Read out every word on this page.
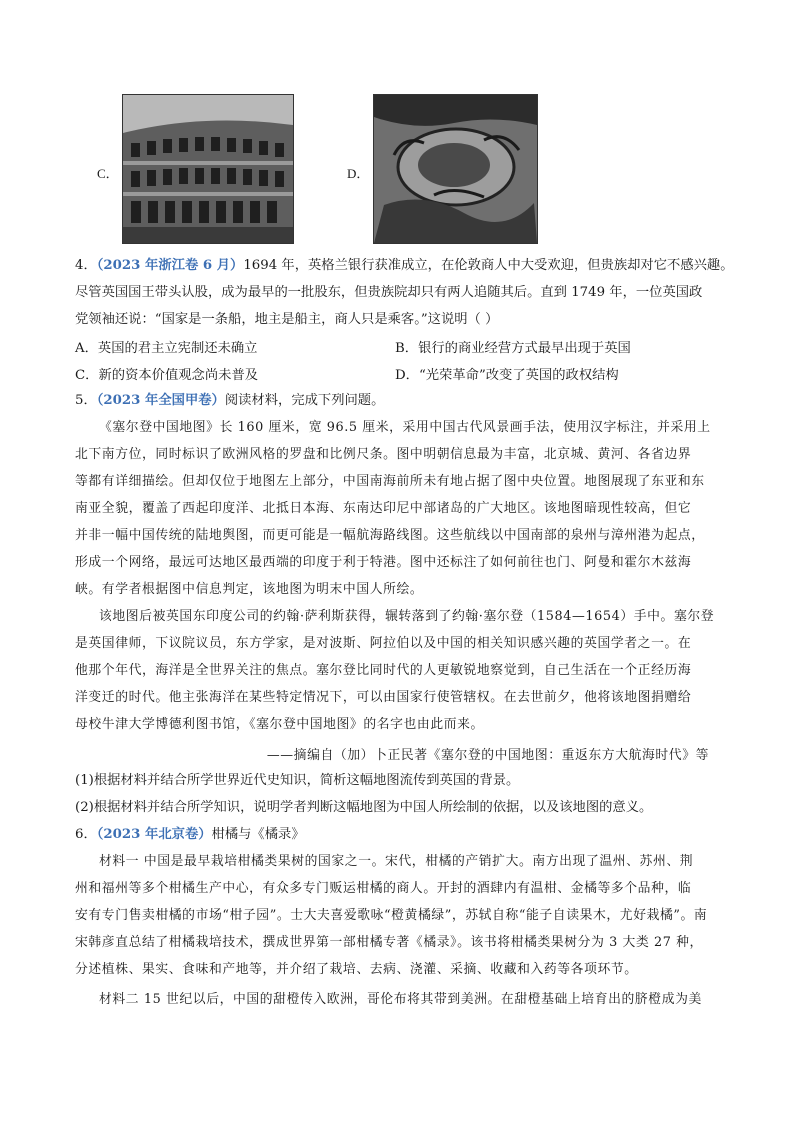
C．	D．
4．（2023 年浙江卷 6 月）1694 年，英格兰银行获准成立，在伦敦商人中大受欢迎，但贵族却对它不感兴趣。
尽管英国国王带头认股，成为最早的一批股东，但贵族院却只有两人追随其后。直到 1749 年，一位英国政
党领袖还说：“国家是一条船，地主是船主，商人只是乘客。”这说明（ ）
A．英国的君主立宪制还未确立	B．银行的商业经营方式最早出现于英国
C．新的资本价值观念尚未普及	D．“光荣革命”改变了英国的政权结构
5．（2023 年全国甲卷）阅读材料，完成下列问题。
《塞尔登中国地图》长 160 厘米，宽 96.5 厘米，采用中国古代风景画手法，使用汉字标注，并采用上
北下南方位，同时标识了欧洲风格的罗盘和比例尺条。图中明朝信息最为丰富，北京城、黄河、各省边界
等都有详细描绘。但却仅位于地图左上部分，中国南海前所未有地占据了图中央位置。地图展现了东亚和东
南亚全貌，覆盖了西起印度洋、北抵日本海、东南达印尼中部诸岛的广大地区。该地图暗现性较高，但它
并非一幅中国传统的陆地舆图，而更可能是一幅航海路线图。这些航线以中国南部的泉州与漳州港为起点，
形成一个网络，最远可达地区最西端的印度于利于特港。图中还标注了如何前往也门、阿曼和霍尔木兹海
峡。有学者根据图中信息判定，该地图为明末中国人所绘。
该地图后被英国东印度公司的约翰·萨利斯获得，辗转落到了约翰·塞尔登（1584—1654）手中。塞尔登
是英国律师，下议院议员，东方学家，是对波斯、阿拉伯以及中国的相关知识感兴趣的英国学者之一。在
他那个年代，海洋是全世界关注的焦点。塞尔登比同时代的人更敏锐地察觉到，自己生活在一个正经历海
洋变迁的时代。他主张海洋在某些特定情况下，可以由国家行使管辖权。在去世前夕，他将该地图捐赠给
母校牛津大学博德利图书馆，《塞尔登中国地图》的名字也由此而来。
——摘编自（加）卜正民著《塞尔登的中国地图：重返东方大航海时代》等
(1)根据材料并结合所学世界近代史知识，简析这幅地图流传到英国的背景。
(2)根据材料并结合所学知识，说明学者判断这幅地图为中国人所绘制的依据，以及该地图的意义。
6．（2023 年北京卷）柑橘与《橘录》
材料一 中国是最早栽培柑橘类果树的国家之一。宋代，柑橘的产销扩大。南方出现了温州、苏州、荆
州和福州等多个柑橘生产中心，有众多专门贩运柑橘的商人。开封的酒肆内有温柑、金橘等多个品种，临
安有专门售卖柑橘的市场“柑子园”。士大夫喜爱歌咏“橙黄橘绿”，苏轼自称“能子自读果木，尤好栽橘”。南
宋韩彦直总结了柑橘栽培技术，撰成世界第一部柑橘专著《橘录》。该书将柑橘类果树分为 3 大类 27 种，
分述植株、果实、食味和产地等，并介绍了栽培、去病、浇灌、采摘、收藏和入药等各项环节。
材料二 15 世纪以后，中国的甜橙传入欧洲，哥伦布将其带到美洲。在甜橙基础上培育出的脐橙成为美
